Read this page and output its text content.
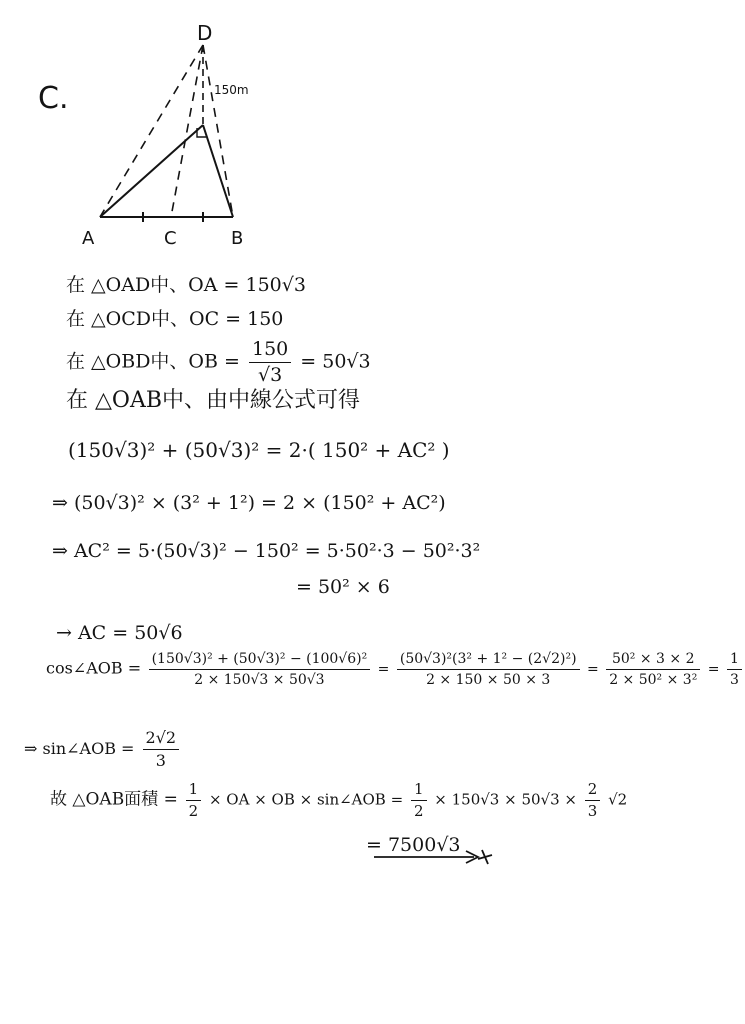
D
A	C	B
150m
C.
在 △OAD中、OA = 150√3
在 △OCD中、OC = 150
在 △OBD中、OB = $\frac{150}{√3} = 50√3$
在 △OAB中、由中線公式可得
(150√3)² + (50√3)² = 2·( 150² + AC² )
⇒ (50√3)² × (3² + 1²) = 2 × (150² + AC²)
⇒ AC² = 5·(50√3)² − 150² = 5·50²·3 − 50²·3²
= 50² × 6
→ AC = 50√6
cos∠AOB = $\frac{\text{(150√3)² + (50√3)² − (100√6)²}}{2 \times 150√3 \times 50√3} = \frac{\text{(50√3)²(3² + 1² − (2√2)²)}}{2 \times 150 \times 50 \times 3} = \frac{\text{50² × 3 × 2}}{\text{2 × 50² × 3²}} = \frac{1}{3}$
⇒ sin∠AOB = $\frac{2√2}{3}$
故 △OAB面積 = $\frac{1}{2}$ × OA × OB × sin∠AOB = $\frac{1}{2} \times 150√3 \times 50√3 \times \frac{2}{3} √2$
= 7500√3
